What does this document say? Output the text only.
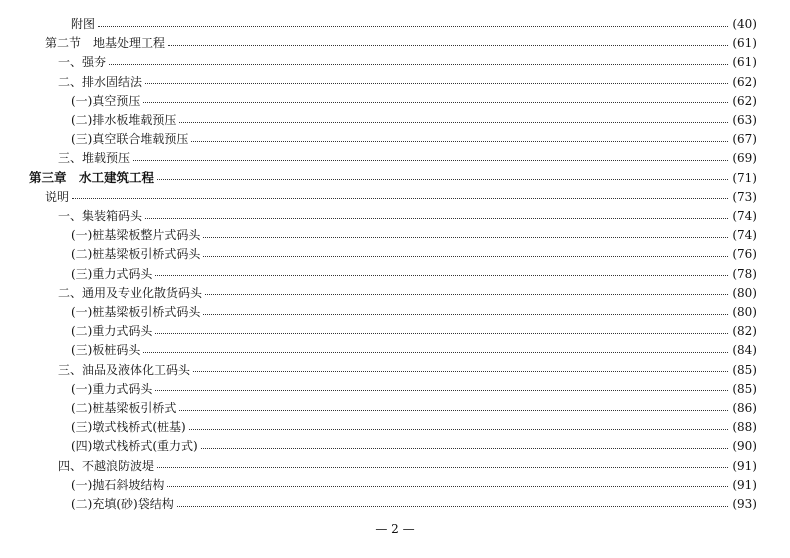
附图	(40)
第二节　地基处理工程	(61)
一、强夯	(61)
二、排水固结法	(62)
(一)真空预压	(62)
(二)排水板堆载预压	(63)
(三)真空联合堆载预压	(67)
三、堆载预压	(69)
第三章　水工建筑工程	(71)
说明	(73)
一、集装箱码头	(74)
(一)桩基梁板整片式码头	(74)
(二)桩基梁板引桥式码头	(76)
(三)重力式码头	(78)
二、通用及专业化散货码头	(80)
(一)桩基梁板引桥式码头	(80)
(二)重力式码头	(82)
(三)板桩码头	(84)
三、油品及液体化工码头	(85)
(一)重力式码头	(85)
(二)桩基梁板引桥式	(86)
(三)墩式栈桥式(桩基)	(88)
(四)墩式栈桥式(重力式)	(90)
四、不越浪防波堤	(91)
(一)抛石斜坡结构	(91)
(二)充填(砂)袋结构	(93)
— 2 —
